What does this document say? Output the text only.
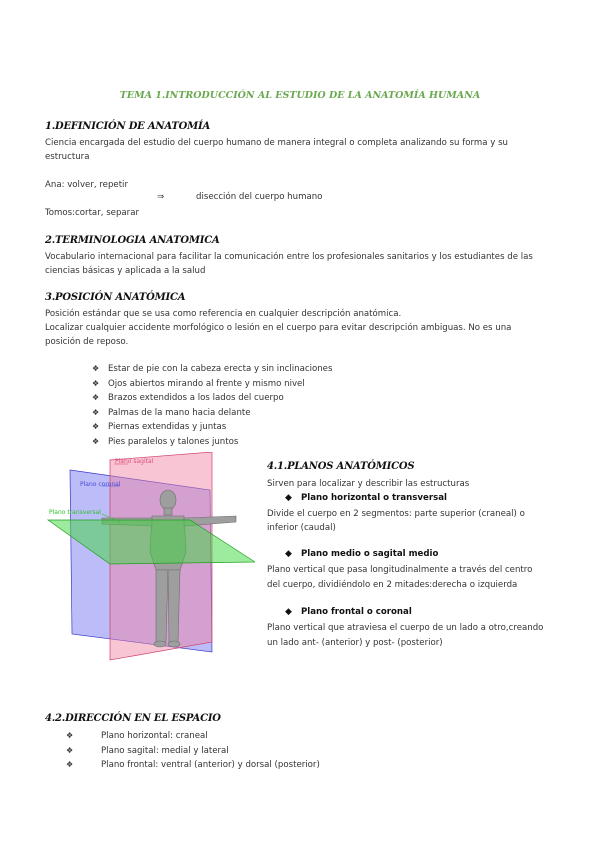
TEMA 1.INTRODUCCIÓN AL ESTUDIO DE LA ANATOMÍA HUMANA
1.DEFINICIÓN DE ANATOMÍA
Ciencia encargada del estudio del cuerpo humano de manera integral o completa analizando su forma y su
estructura
Ana: volver, repetir
⇒	disección del cuerpo humano
Tomos:cortar, separar
2.TERMINOLOGIA ANATOMICA
Vocabulario internacional para facilitar la comunicación entre los profesionales sanitarios y los estudiantes de las
ciencias básicas y aplicada a la salud
3.POSICIÓN ANATÓMICA
Posición estándar que se usa como referencia en cualquier descripción anatómica.
Localizar cualquier accidente morfológico o lesión en el cuerpo para evitar descripción ambiguas. No es una
posición de reposo.
❖ Estar de pie con la cabeza erecta y sin inclinaciones
❖ Ojos abiertos mirando al frente y mismo nivel
❖ Brazos extendidos a los lados del cuerpo
❖ Palmas de la mano hacia delante
❖ Piernas extendidas y juntas
❖ Pies paralelos y talones juntos
Plano sagital
Plano coronal
Plano transversal
4.1.PLANOS ANATÓMICOS
Sirven para localizar y describir las estructuras
◆ Plano horizontal o transversal
Divide el cuerpo en 2 segmentos: parte superior (craneal) o
inferior (caudal)
◆ Plano medio o sagital medio
Plano vertical que pasa longitudinalmente a través del centro
del cuerpo, dividiéndolo en 2 mitades:derecha o izquierda
◆ Plano frontal o coronal
Plano vertical que atraviesa el cuerpo de un lado a otro,creando
un lado ant- (anterior) y post- (posterior)
4.2.DIRECCIÓN EN EL ESPACIO
❖	Plano horizontal: craneal
❖	Plano sagital: medial y lateral
❖	Plano frontal: ventral (anterior) y dorsal (posterior)
